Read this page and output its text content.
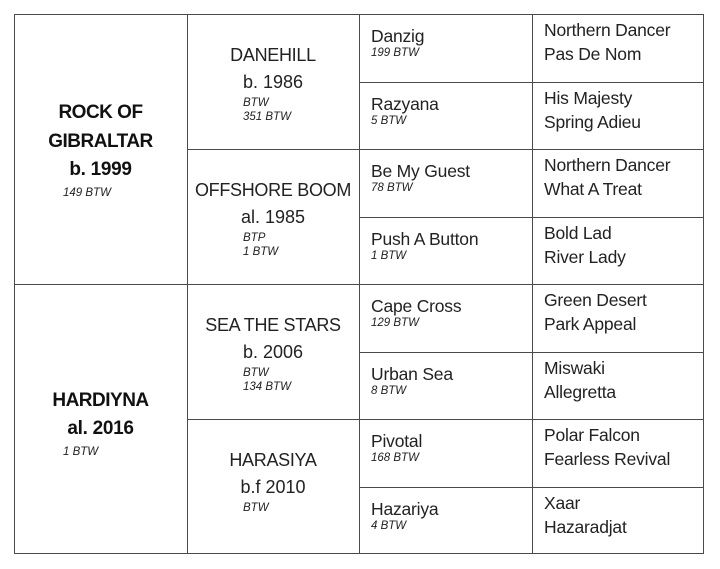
ROCK OF
GIBRALTAR
b. 1999
149 BTW
DANEHILL
b. 1986
BTW
351 BTW
Danzig
199 BTW
Northern Dancer
Pas De Nom
Razyana
5 BTW
His Majesty
Spring Adieu
OFFSHORE BOOM
al. 1985
BTP
1 BTW
Be My Guest
78 BTW
Northern Dancer
What A Treat
Push A Button
1 BTW
Bold Lad
River Lady
HARDIYNA
al. 2016
1 BTW
SEA THE STARS
b. 2006
BTW
134 BTW
Cape Cross
129 BTW
Green Desert
Park Appeal
Urban Sea
8 BTW
Miswaki
Allegretta
HARASIYA
b.f 2010
BTW
Pivotal
168 BTW
Polar Falcon
Fearless Revival
Hazariya
4 BTW
Xaar
Hazaradjat
